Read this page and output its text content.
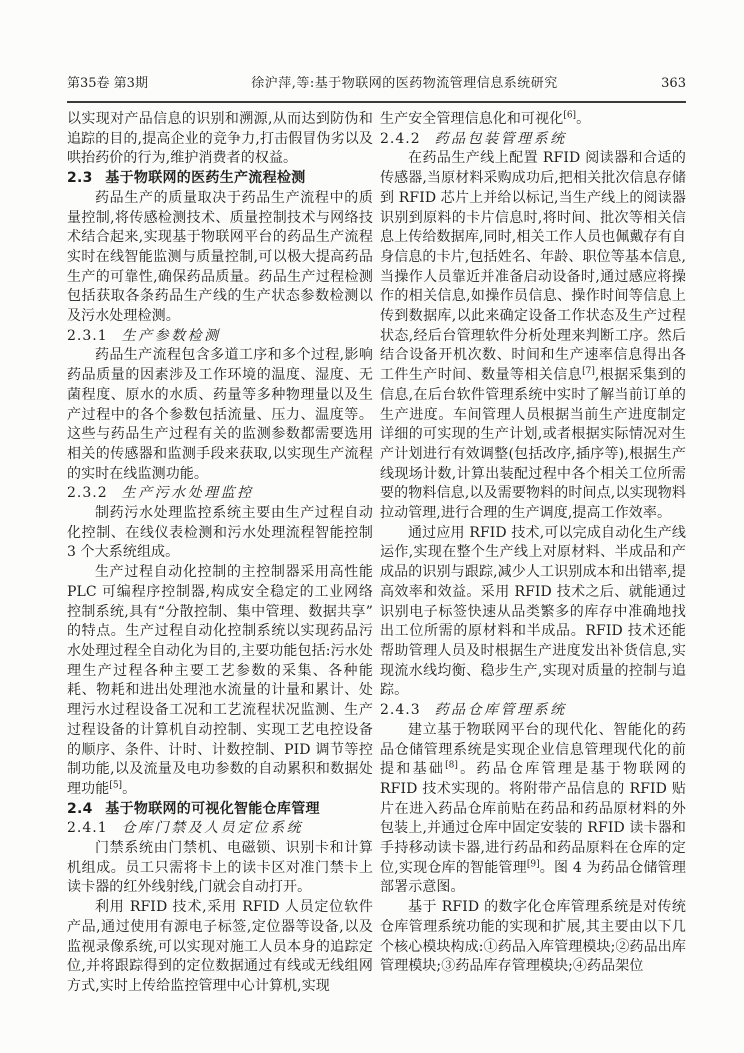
第35卷 第3期	徐沪萍,等:基于物联网的医药物流管理信息系统研究	363
以实现对产品信息的识别和溯源,从而达到防伪和追踪的目的,提高企业的竞争力,打击假冒伪劣以及哄抬药价的行为,维护消费者的权益。
2.3 基于物联网的医药生产流程检测
药品生产的质量取决于药品生产流程中的质量控制,将传感检测技术、质量控制技术与网络技术结合起来,实现基于物联网平台的药品生产流程实时在线智能监测与质量控制,可以极大提高药品生产的可靠性,确保药品质量。药品生产过程检测包括获取各条药品生产线的生产状态参数检测以及污水处理检测。
2.3.1 生产参数检测
药品生产流程包含多道工序和多个过程,影响药品质量的因素涉及工作环境的温度、湿度、无菌程度、原水的水质、药量等多种物理量以及生产过程中的各个参数包括流量、压力、温度等。这些与药品生产过程有关的监测参数都需要选用相关的传感器和监测手段来获取,以实现生产流程的实时在线监测功能。
2.3.2 生产污水处理监控
制药污水处理监控系统主要由生产过程自动化控制、在线仪表检测和污水处理流程智能控制 3 个大系统组成。
生产过程自动化控制的主控制器采用高性能 PLC 可编程序控制器,构成安全稳定的工业网络控制系统,具有“分散控制、集中管理、数据共享”的特点。生产过程自动化控制系统以实现药品污水处理过程全自动化为目的,主要功能包括:污水处理生产过程各种主要工艺参数的采集、各种能耗、物耗和进出处理池水流量的计量和累计、处理污水过程设备工况和工艺流程状况监测、生产过程设备的计算机自动控制、实现工艺电控设备的顺序、条件、计时、计数控制、PID 调节等控制功能,以及流量及电功参数的自动累积和数据处理功能[5]。
2.4 基于物联网的可视化智能仓库管理
2.4.1 仓库门禁及人员定位系统
门禁系统由门禁机、电磁锁、识别卡和计算机组成。员工只需将卡上的读卡区对准门禁卡上读卡器的红外线射线,门就会自动打开。
利用 RFID 技术,采用 RFID 人员定位软件产品,通过使用有源电子标签,定位器等设备,以及监视录像系统,可以实现对施工人员本身的追踪定位,并将跟踪得到的定位数据通过有线或无线组网方式,实时上传给监控管理中心计算机,实现
生产安全管理信息化和可视化[6]。
2.4.2 药品包装管理系统
在药品生产线上配置 RFID 阅读器和合适的传感器,当原材料采购成功后,把相关批次信息存储到 RFID 芯片上并给以标记,当生产线上的阅读器识别到原料的卡片信息时,将时间、批次等相关信息上传给数据库,同时,相关工作人员也佩戴存有自身信息的卡片,包括姓名、年龄、职位等基本信息,当操作人员靠近并准备启动设备时,通过感应将操作的相关信息,如操作员信息、操作时间等信息上传到数据库,以此来确定设备工作状态及生产过程状态,经后台管理软件分析处理来判断工序。然后结合设备开机次数、时间和生产速率信息得出各工件生产时间、数量等相关信息[7],根据采集到的信息,在后台软件管理系统中实时了解当前订单的生产进度。车间管理人员根据当前生产进度制定详细的可实现的生产计划,或者根据实际情况对生产计划进行有效调整(包括改序,插序等),根据生产线现场计数,计算出装配过程中各个相关工位所需要的物料信息,以及需要物料的时间点,以实现物料拉动管理,进行合理的生产调度,提高工作效率。
通过应用 RFID 技术,可以完成自动化生产线运作,实现在整个生产线上对原材料、半成品和产成品的识别与跟踪,减少人工识别成本和出错率,提高效率和效益。采用 RFID 技术之后、就能通过识别电子标签快速从品类繁多的库存中准确地找出工位所需的原材料和半成品。RFID 技术还能帮助管理人员及时根据生产进度发出补货信息,实现流水线均衡、稳步生产,实现对质量的控制与追踪。
2.4.3 药品仓库管理系统
建立基于物联网平台的现代化、智能化的药品仓储管理系统是实现企业信息管理现代化的前提和基础[8]。药品仓库管理是基于物联网的 RFID 技术实现的。将附带产品信息的 RFID 贴片在进入药品仓库前贴在药品和药品原材料的外包装上,并通过仓库中固定安装的 RFID 读卡器和手持移动读卡器,进行药品和药品原料在仓库的定位,实现仓库的智能管理[9]。图 4 为药品仓储管理部署示意图。
基于 RFID 的数字化仓库管理系统是对传统仓库管理系统功能的实现和扩展,其主要由以下几个核心模块构成:①药品入库管理模块;②药品出库管理模块;③药品库存管理模块;④药品架位
